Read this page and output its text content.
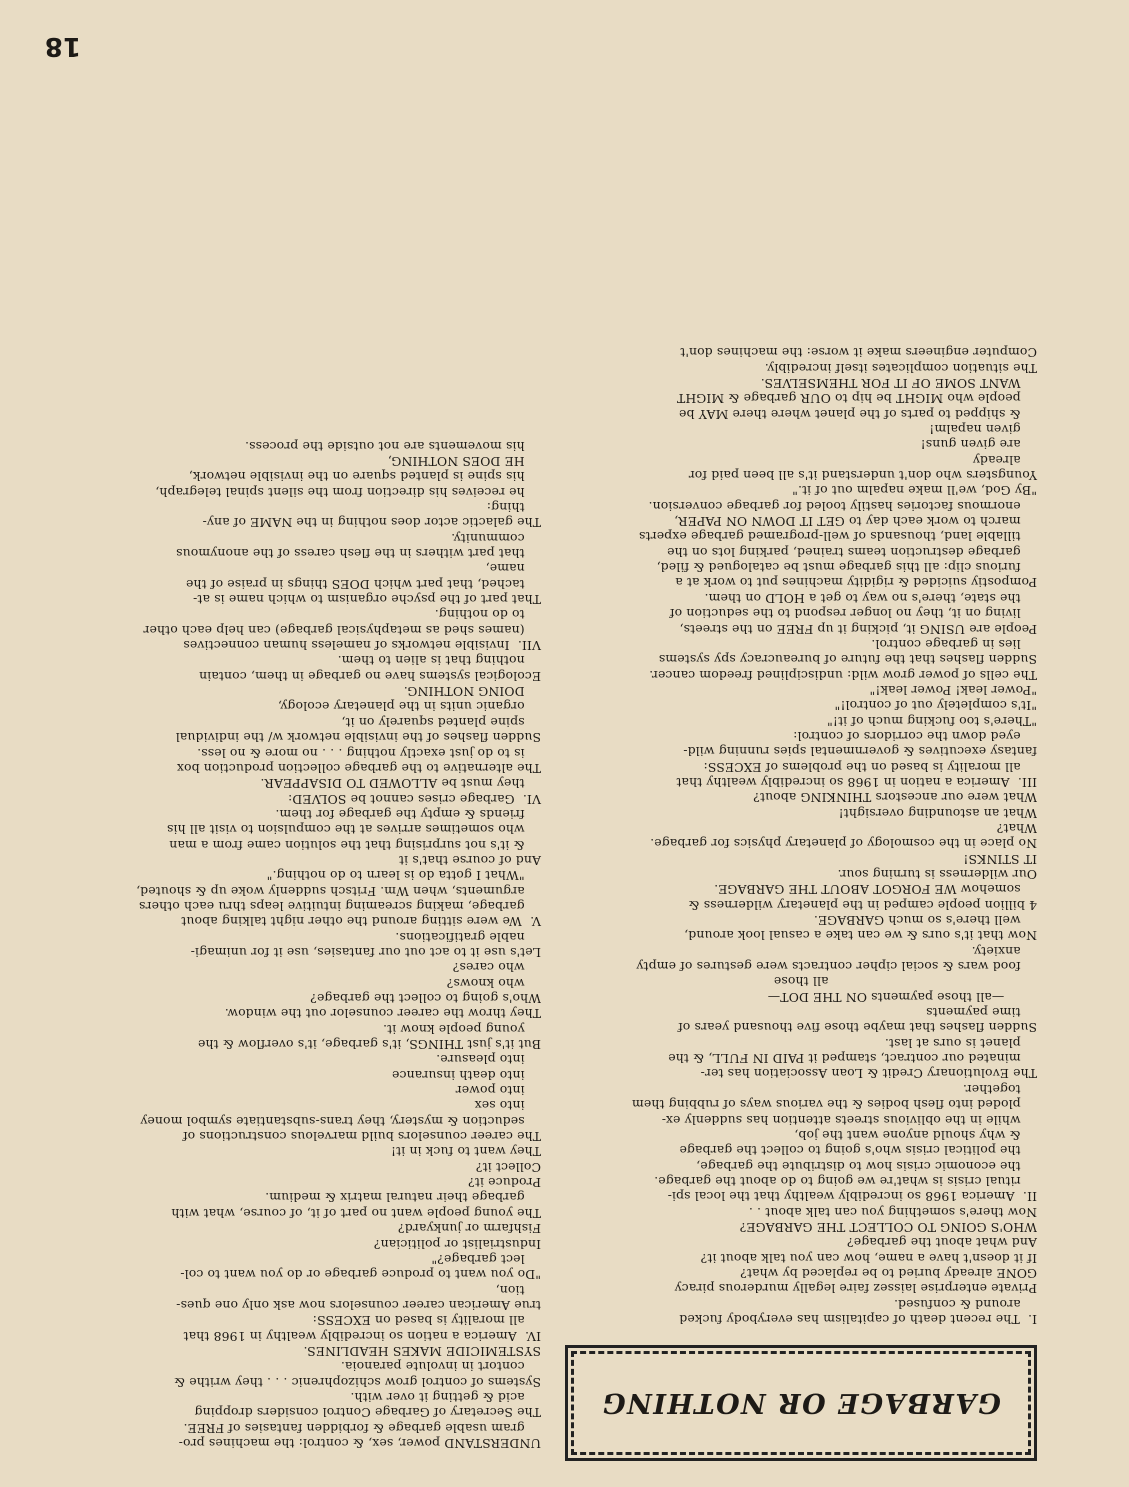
GARBAGE OR NOTHING

I.  The recent death of capitalism has everybody fucked

around & confused.

Private enterprise laissez faire legally murderous piracy

GONE already buried to be replaced by what?

If it doesn't have a name, how can you talk about it?

And what about the garbage?

WHO'S GOING TO COLLECT THE GARBAGE?

Now there's something you can talk about . .

II.  America 1968 so incredibly wealthy that the local spi-

ritual crisis is what're we going to do about the garbage.

the economic crisis how to distribute the garbage,

the political crisis who's going to collect the garbage

& why should anyone want the job,

while in the oblivious streets attention has suddenly ex-

ploded into flesh bodies & the various ways of rubbing them

together.

The Evolutionary Credit & Loan Association has ter-

minated our contract, stamped it PAID IN FULL, & the

planet is ours at last.

Sudden flashes that maybe those five thousand years of

time payments

—all those payments ON THE DOT—

all those

food wars & social cipher contracts were gestures of empty

anxiety.

Now that it's ours & we can take a casual look around,

well there's so much GARBAGE.

4 billion people camped in the planetary wilderness &

somehow WE FORGOT ABOUT THE GARBAGE.

Our wilderness is turning sour.

IT STINKS!

No place in the cosmology of planetary physics for garbage.

What?

What an astounding oversight!

What were our ancestors THINKING about?

III.  America a nation in 1968 so incredibly wealthy that

all morality is based on the problems of EXCESS:

fantasy executives & governmental spies running wild-

eyed down the corridors of control:

"There's too fucking much of it!"

"It's completely out of control!"

"Power leak! Power leak!"

The cells of power grow wild: undisciplined freedom cancer.

Sudden flashes that the future of bureaucracy spy systems

lies in garbage control.

People are USING it, picking it up FREE on the streets,

living on it, they no longer respond to the seduction of

the state, there's no way to get a HOLD on them.

Pompostiy suicided & rigidity machines put to work at a

furious clip: all this garbage must be catalogued & filed,

garbage destruction teams trained, parking lots on the

tillable land, thousands of well-programed garbage experts

march to work each day to GET IT DOWN ON PAPER,

enormous factories hastily tooled for garbage conversion.

"By God, we'll make napalm out of it."

Youngsters who don't understand it's all been paid for

already

are given guns!

given napalm!

& shipped to parts of the planet where there MAY be

people who MIGHT be hip to OUR garbage & MIGHT

WANT SOME OF IT FOR THEMSELVES.

The situation complicates itself incredibly.

Computer engineers make it worse: the machines don't

UNDERSTAND power, sex, & control: the machines pro-

gram usable garbage & forbidden fantasies of FREE.

The Secretary of Garbage Control considers dropping

acid & getting it over with.

Systems of control grow schizophrenic . . . they writhe &

contort in involute paranoia.

SYSTEMICIDE MAKES HEADLINES.

IV.  America a nation so incredibly wealthy in 1968 that

all morality is based on EXCESS:

true American career counselors now ask only one ques-

tion,

"Do you want to produce garbage or do you want to col-

lect garbage?"

Industrialist or politician?

Fishfarm or junkyard?

The young people want no part of it, of course, what with

garbage their natural matrix & medium.

Produce it?

Collect it?

They want to fuck in it!

The career counselors build marvelous constructions of

seduction & mystery, they trans-substantiate symbol money

into sex

into power

into death insurance

into pleasure.

But it's just THINGS, it's garbage, it's overflow & the

young people know it.

They throw the career counselor out the window.

Who's going to collect the garbage?

who knows?

who cares?

Let's use it to act out our fantasies, use it for unimagi-

nable gratifications.

V.  We were sitting around the other night talking about

garbage, making screaming intuitive leaps thru each others

arguments, when Wm. Fritsch suddenly woke up & shouted,

"What I gotta do is learn to do nothing."

And of course that's it

& it's not surprising that the solution came from a man

who sometimes arrives at the compulsion to visit all his

friends & empty the garbage for them.

VI.  Garbage crises cannot be SOLVED:

they must be ALLOWED TO DISAPPEAR.

The alternative to the garbage collection production box

is to do just exactly nothing . . . no more & no less.

Sudden flashes of the invisible network w/ the individual

spine planted squarely on it,

organic units in the planetary ecology,

DOING NOTHING.

Ecological systems have no garbage in them, contain

nothing that is alien to them.

VII.  Invisible networks of nameless human connectives

(names shed as metaphysical garbage) can help each other

to do nothing.

That part of the psyche organism to which name is at-

tached, that part which DOES things in praise of the

name,

that part withers in the flesh caress of the anonymous

community.

The galactic actor does nothing in the NAME of any-

thing:

he receives his direction from the silent spinal telegraph,

his spine is planted square on the invisible network,

HE DOES NOTHING,

his movements are not outside the process.

18
